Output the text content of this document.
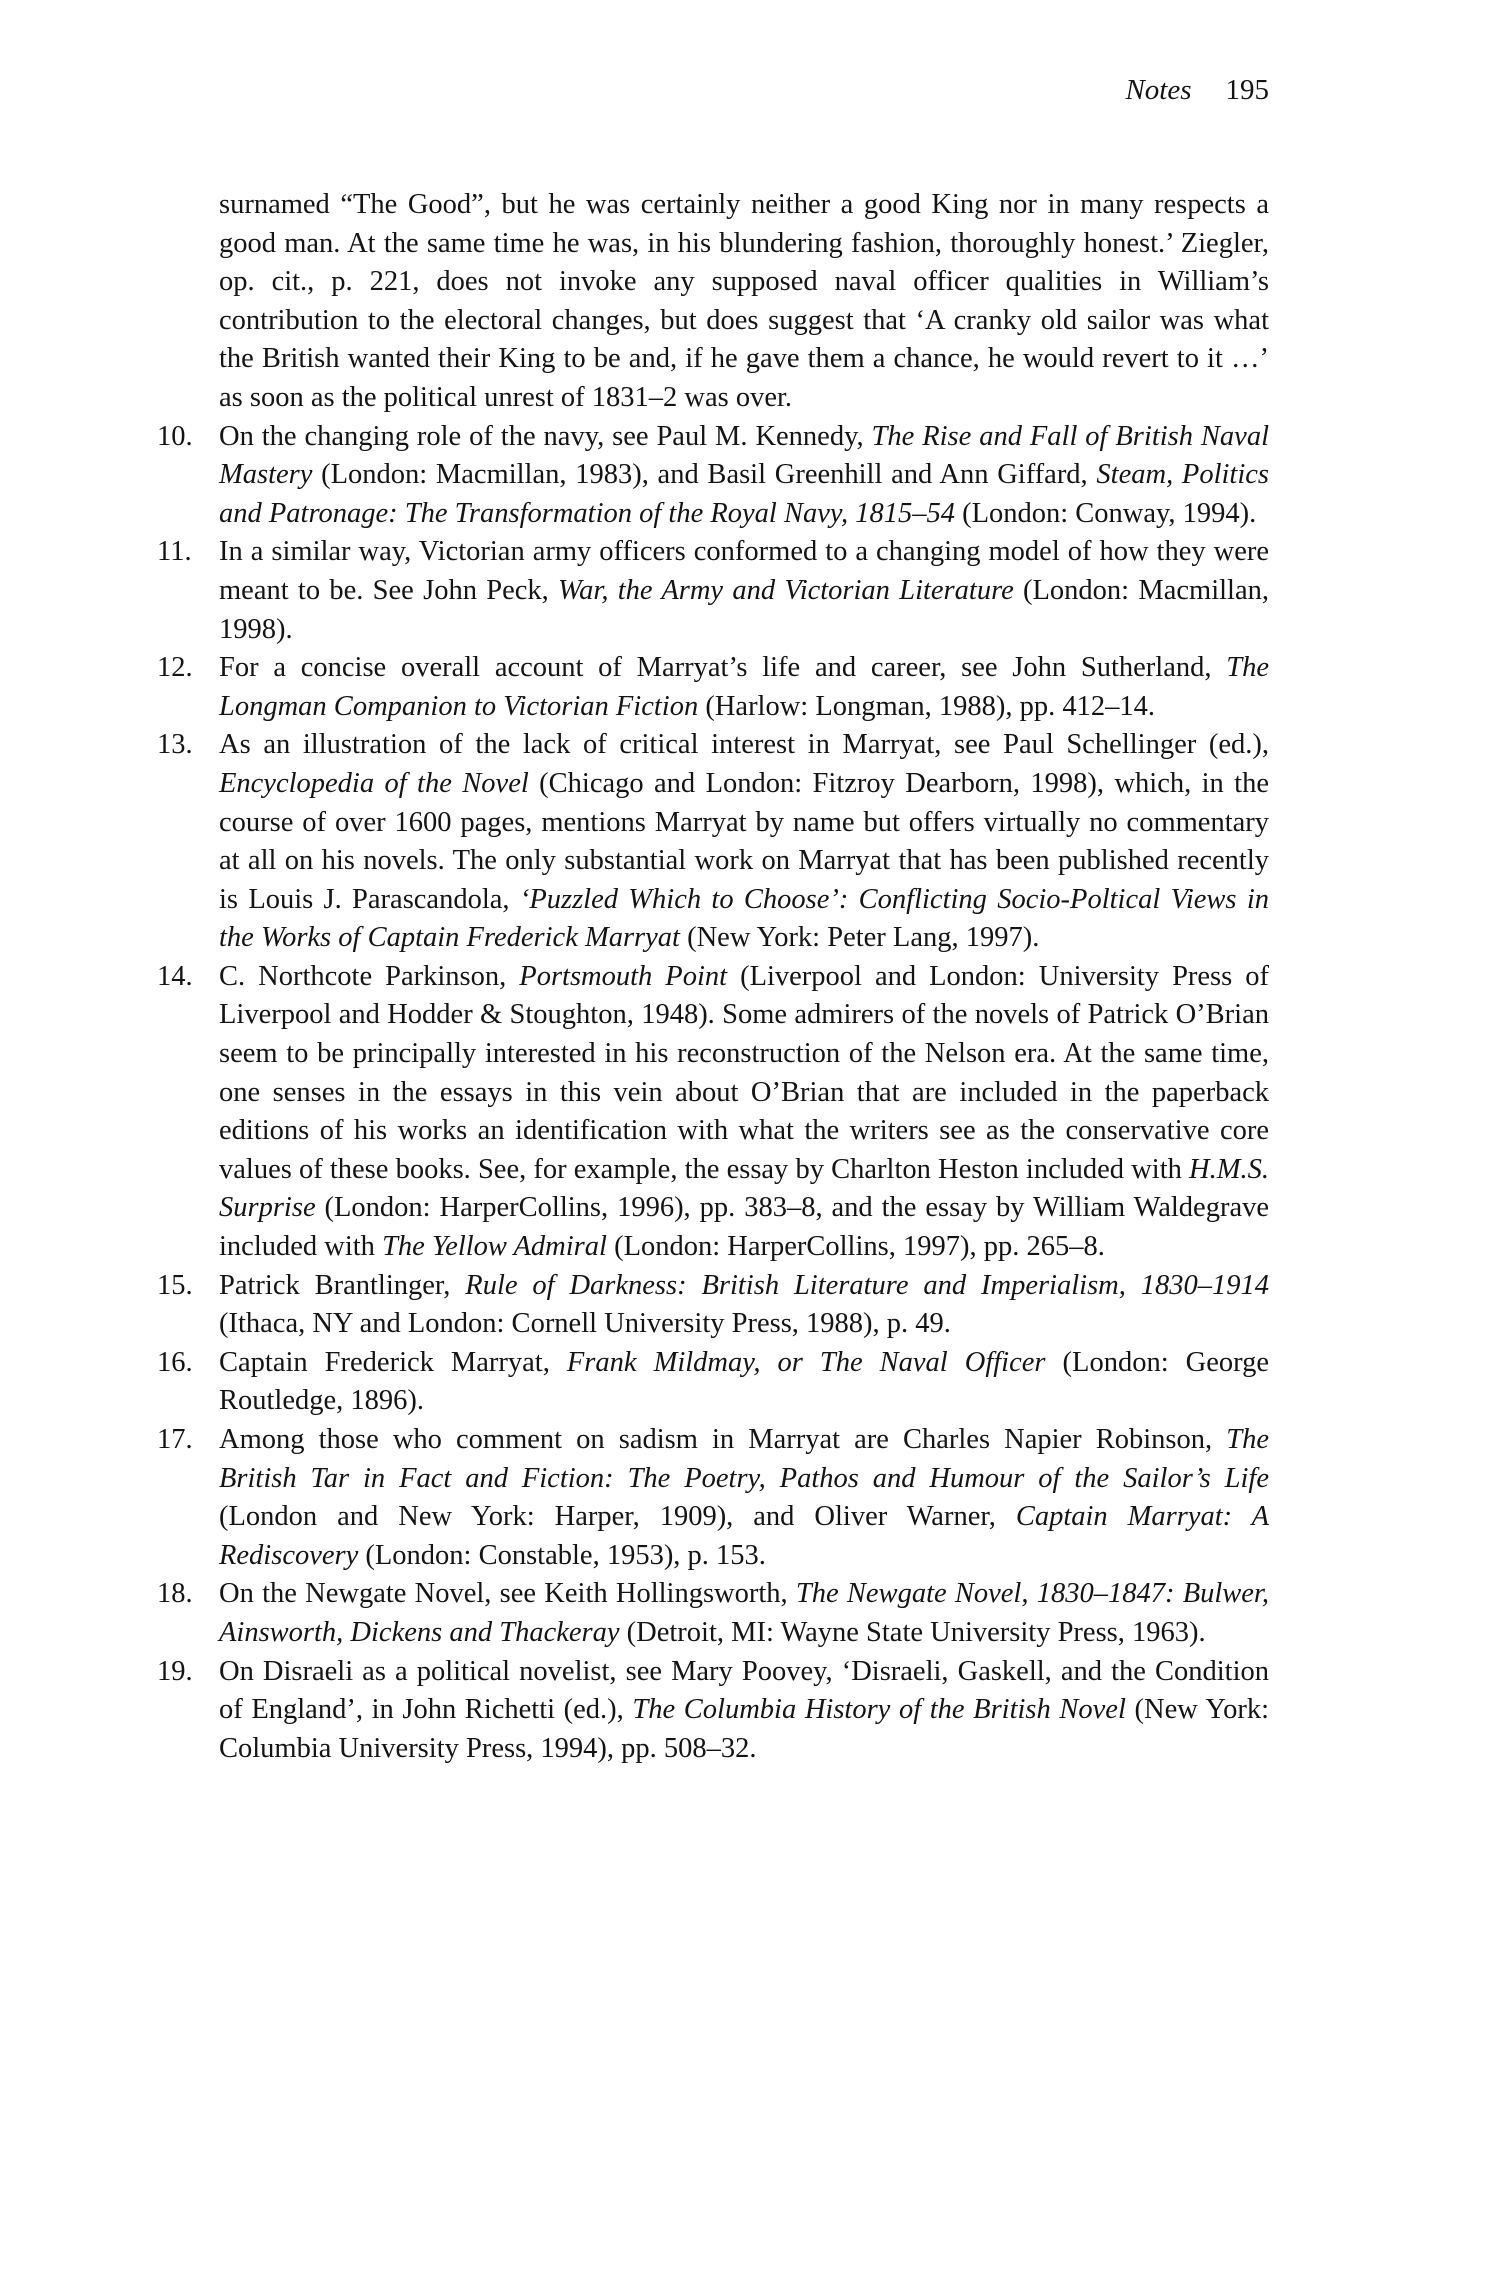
Notes 195

surnamed “The Good”, but he was certainly neither a good King nor in many respects a good man. At the same time he was, in his blundering fashion, thoroughly honest.’ Ziegler, op. cit., p. 221, does not invoke any supposed naval officer qualities in William’s contribution to the electoral changes, but does suggest that ‘A cranky old sailor was what the British wanted their King to be and, if he gave them a chance, he would revert to it …’ as soon as the political unrest of 1831–2 was over.

10. On the changing role of the navy, see Paul M. Kennedy, The Rise and Fall of British Naval Mastery (London: Macmillan, 1983), and Basil Greenhill and Ann Giffard, Steam, Politics and Patronage: The Transformation of the Royal Navy, 1815–54 (London: Conway, 1994).
11. In a similar way, Victorian army officers conformed to a changing model of how they were meant to be. See John Peck, War, the Army and Victorian Literature (London: Macmillan, 1998).
12. For a concise overall account of Marryat’s life and career, see John Sutherland, The Longman Companion to Victorian Fiction (Harlow: Longman, 1988), pp. 412–14.
13. As an illustration of the lack of critical interest in Marryat, see Paul Schellinger (ed.), Encyclopedia of the Novel (Chicago and London: Fitzroy Dearborn, 1998), which, in the course of over 1600 pages, mentions Marryat by name but offers virtually no commentary at all on his novels. The only substantial work on Marryat that has been published recently is Louis J. Parascandola, ‘Puzzled Which to Choose’: Conflicting Socio-Poltical Views in the Works of Captain Frederick Marryat (New York: Peter Lang, 1997).
14. C. Northcote Parkinson, Portsmouth Point (Liverpool and London: University Press of Liverpool and Hodder & Stoughton, 1948). Some admirers of the novels of Patrick O’Brian seem to be principally interested in his reconstruction of the Nelson era. At the same time, one senses in the essays in this vein about O’Brian that are included in the paperback editions of his works an identification with what the writers see as the conservative core values of these books. See, for example, the essay by Charlton Heston included with H.M.S. Surprise (London: HarperCollins, 1996), pp. 383–8, and the essay by William Waldegrave included with The Yellow Admiral (London: HarperCollins, 1997), pp. 265–8.
15. Patrick Brantlinger, Rule of Darkness: British Literature and Imperialism, 1830–1914 (Ithaca, NY and London: Cornell University Press, 1988), p. 49.
16. Captain Frederick Marryat, Frank Mildmay, or The Naval Officer (London: George Routledge, 1896).
17. Among those who comment on sadism in Marryat are Charles Napier Robinson, The British Tar in Fact and Fiction: The Poetry, Pathos and Humour of the Sailor’s Life (London and New York: Harper, 1909), and Oliver Warner, Captain Marryat: A Rediscovery (London: Constable, 1953), p. 153.
18. On the Newgate Novel, see Keith Hollingsworth, The Newgate Novel, 1830–1847: Bulwer, Ainsworth, Dickens and Thackeray (Detroit, MI: Wayne State University Press, 1963).
19. On Disraeli as a political novelist, see Mary Poovey, ‘Disraeli, Gaskell, and the Condition of England’, in John Richetti (ed.), The Columbia History of the British Novel (New York: Columbia University Press, 1994), pp. 508–32.
